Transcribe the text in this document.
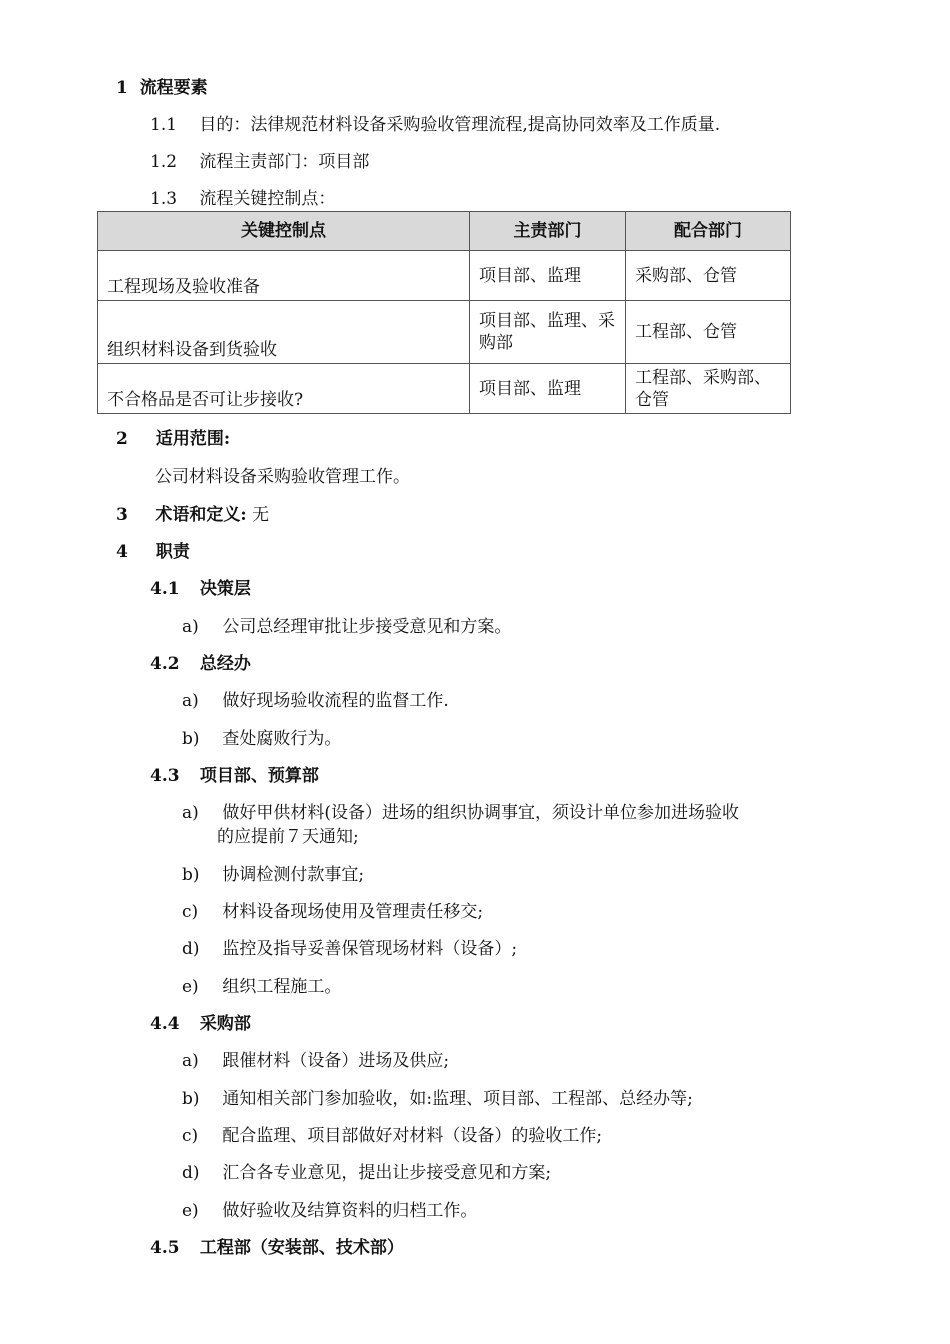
1 流程要素
1.1 目的：法律规范材料设备采购验收管理流程,提高协同效率及工作质量.
1.2 流程主责部门：项目部
1.3 流程关键控制点：
关键控制点	主责部门	配合部门
工程现场及验收准备	项目部、监理	采购部、仓管
组织材料设备到货验收	项目部、监理、采购部	工程部、仓管
不合格品是否可让步接收?	项目部、监理	工程部、采购部、仓管
2 适用范围:
公司材料设备采购验收管理工作。
3 术语和定义: 无
4 职责
4.1 决策层
a) 公司总经理审批让步接受意见和方案。
4.2 总经办
a) 做好现场验收流程的监督工作.
b) 查处腐败行为。
4.3 项目部、预算部
a) 做好甲供材料(设备）进场的组织协调事宜，须设计单位参加进场验收
的应提前７天通知;
b) 协调检测付款事宜;
c) 材料设备现场使用及管理责任移交;
d) 监控及指导妥善保管现场材料（设备）;
e) 组织工程施工。
4.4 采购部
a) 跟催材料（设备）进场及供应;
b) 通知相关部门参加验收，如:监理、项目部、工程部、总经办等;
c) 配合监理、项目部做好对材料（设备）的验收工作;
d) 汇合各专业意见，提出让步接受意见和方案;
e) 做好验收及结算资料的归档工作。
4.5 工程部（安装部、技术部）
